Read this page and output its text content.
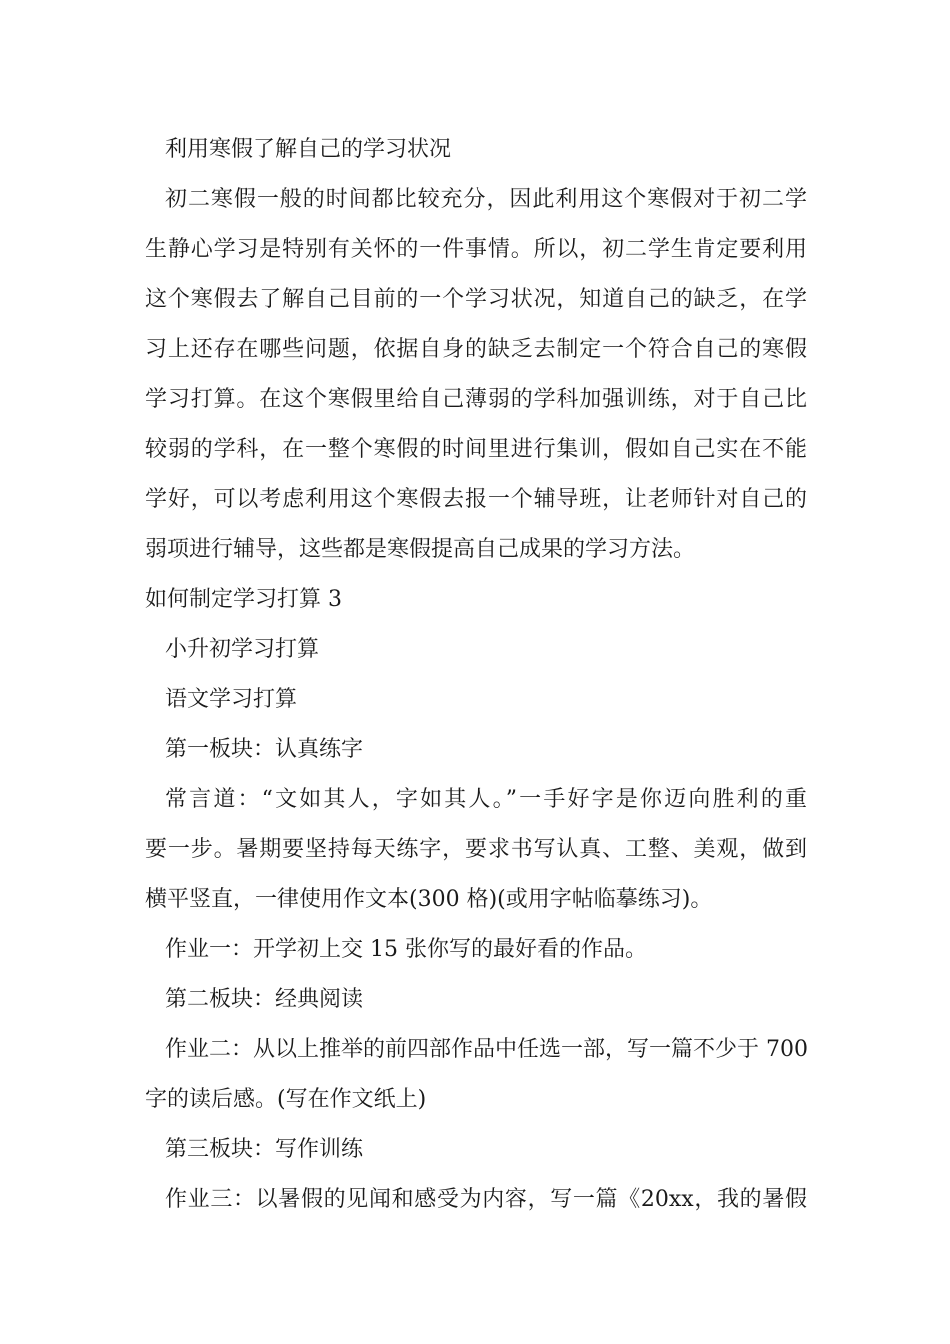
利用寒假了解自己的学习状况
初二寒假一般的时间都比较充分，因此利用这个寒假对于初二学
生静心学习是特别有关怀的一件事情。所以，初二学生肯定要利用
这个寒假去了解自己目前的一个学习状况，知道自己的缺乏，在学
习上还存在哪些问题，依据自身的缺乏去制定一个符合自己的寒假
学习打算。在这个寒假里给自己薄弱的学科加强训练，对于自己比
较弱的学科，在一整个寒假的时间里进行集训，假如自己实在不能
学好，可以考虑利用这个寒假去报一个辅导班，让老师针对自己的
弱项进行辅导，这些都是寒假提高自己成果的学习方法。
如何制定学习打算 3
小升初学习打算
语文学习打算
第一板块：认真练字
常言道：“文如其人，字如其人。”一手好字是你迈向胜利的重
要一步。暑期要坚持每天练字，要求书写认真、工整、美观，做到
横平竖直，一律使用作文本(300 格)(或用字帖临摹练习)。
作业一：开学初上交 15 张你写的最好看的作品。
第二板块：经典阅读
作业二：从以上推举的前四部作品中任选一部，写一篇不少于 700
字的读后感。(写在作文纸上)
第三板块：写作训练
作业三：以暑假的见闻和感受为内容，写一篇《20xx，我的暑假
